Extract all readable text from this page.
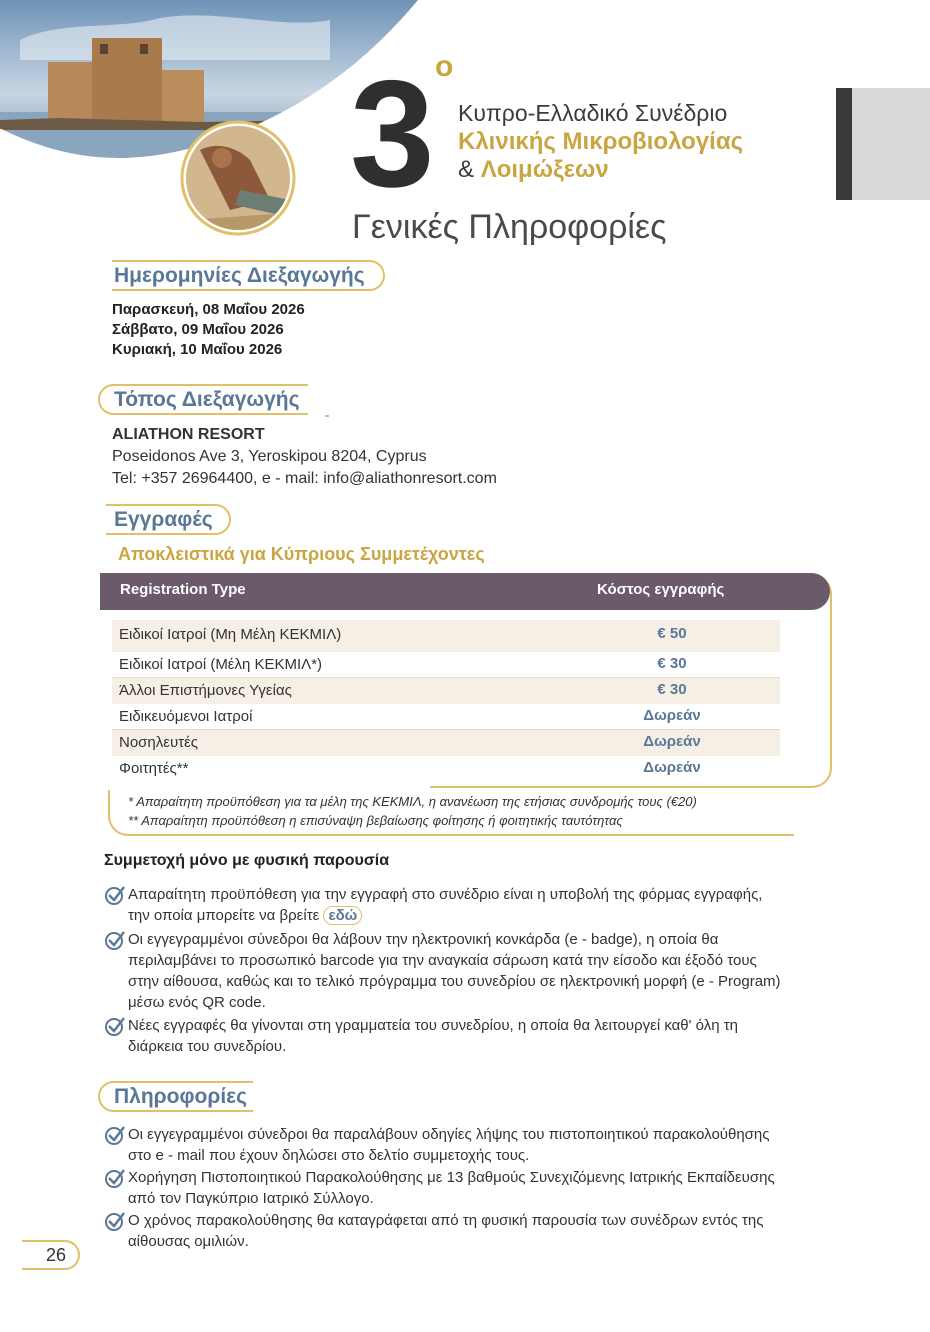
3 ο
Κυπρο-Ελλαδικό Συνέδριο
Κλινικής Μικροβιολογίας
& Λοιμώξεων
Γενικές Πληροφορίες
Ημερομηνίες Διεξαγωγής
Παρασκευή, 08 Μαΐου 2026
Σάββατο, 09 Μαΐου 2026
Κυριακή, 10 Μαΐου 2026
Τόπος Διεξαγωγής
ALIATHON RESORT
Poseidonos Ave 3, Yeroskipou 8204, Cyprus
Tel: +357 26964400, e - mail: info@aliathonresort.com
Εγγραφές
Αποκλειστικά για Κύπριους Συμμετέχοντες
Registration Type	Κόστος εγγραφής
Ειδικοί Ιατροί (Μη Μέλη ΚΕΚΜΙΛ)	€ 50
Ειδικοί Ιατροί (Μέλη ΚΕΚΜΙΛ*)	€ 30
Άλλοι Επιστήμονες Υγείας	€ 30
Ειδικευόμενοι Ιατροί	Δωρεάν
Νοσηλευτές	Δωρεάν
Φοιτητές**	Δωρεάν
* Απαραίτητη προϋπόθεση για τα μέλη της ΚΕΚΜΙΛ, η ανανέωση της ετήσιας συνδρομής τους (€20)
** Απαραίτητη προϋπόθεση η επισύναψη βεβαίωσης φοίτησης ή φοιτητικής ταυτότητας
Συμμετοχή μόνο με φυσική παρουσία
Απαραίτητη προϋπόθεση για την εγγραφή στο συνέδριο είναι η υποβολή της φόρμας εγγραφής,
την οποία μπορείτε να βρείτε εδώ
Οι εγγεγραμμένοι σύνεδροι θα λάβουν την ηλεκτρονική κονκάρδα (e - badge), η οποία θα
περιλαμβάνει το προσωπικό barcode για την αναγκαία σάρωση κατά την είσοδο και έξοδό τους
στην αίθουσα, καθώς και το τελικό πρόγραμμα του συνεδρίου σε ηλεκτρονική μορφή (e - Program)
μέσω ενός QR code.
Νέες εγγραφές θα γίνονται στη γραμματεία του συνεδρίου, η οποία θα λειτουργεί καθ' όλη τη
διάρκεια του συνεδρίου.
Πληροφορίες
Οι εγγεγραμμένοι σύνεδροι θα παραλάβουν οδηγίες λήψης του πιστοποιητικού παρακολούθησης
στο e - mail που έχουν δηλώσει στο δελτίο συμμετοχής τους.
Χορήγηση Πιστοποιητικού Παρακολούθησης με 13 βαθμούς Συνεχιζόμενης Ιατρικής Εκπαίδευσης
από τον Παγκύπριο Ιατρικό Σύλλογο.
Ο χρόνος παρακολούθησης θα καταγράφεται από τη φυσική παρουσία των συνέδρων εντός της
αίθουσας ομιλιών.
26
